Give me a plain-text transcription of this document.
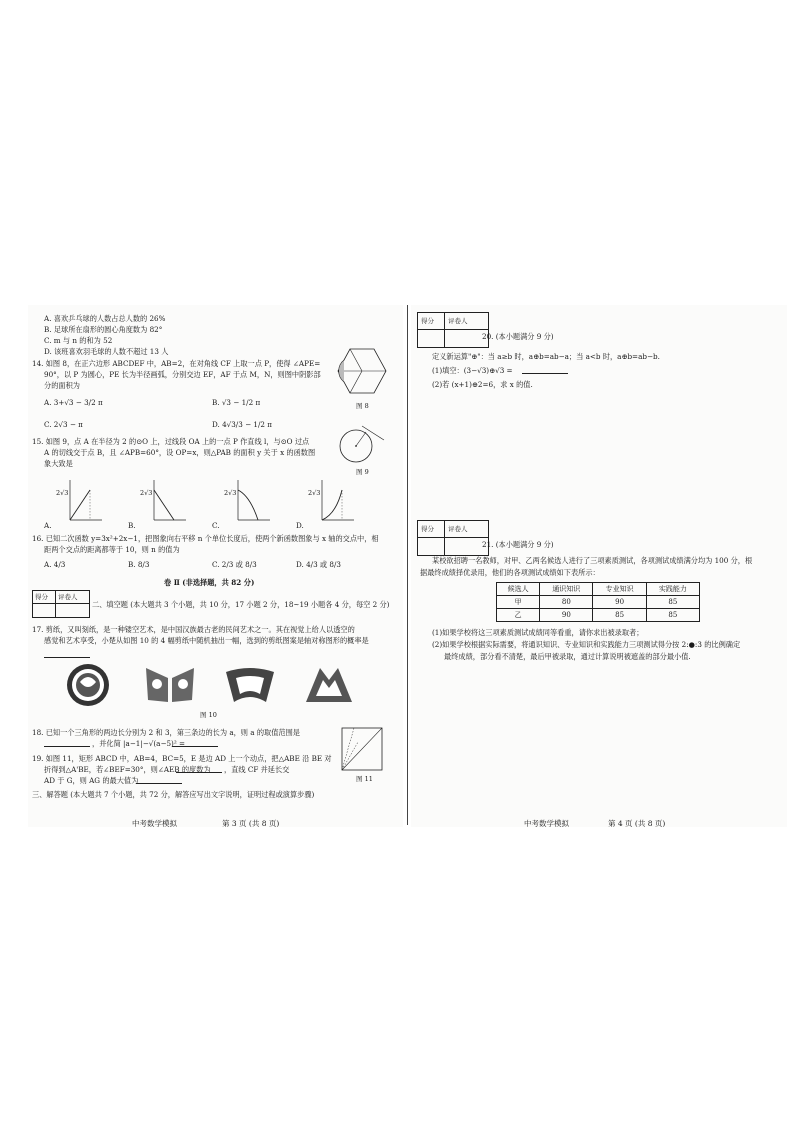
A. 喜欢乒乓球的人数占总人数的 26%
B. 足球所在扇形的圆心角度数为 82°
C. m 与 n 的和为 52
D. 该班喜欢羽毛球的人数不超过 13 人
14. 如图 8，在正六边形 ABCDEF 中，AB=2，在对角线 CF 上取一点 P，使得 ∠APE=
90°，以 P 为圆心，PE 长为半径画弧，分别交边 EF，AF 于点 M，N，则图中阴影部
分的面积为
A. 3+√3 − 3/2 π	B. √3 − 1/2 π
C. 2√3 − π	D. 4√3/3 − 1/2 π
图 8
15. 如图 9，点 A 在半径为 2 的⊙O 上，过线段 OA 上的一点 P 作直线 l，与⊙O 过点
A 的切线交于点 B，且 ∠APB=60°，设 OP=x，则△PAB 的面积 y 关于 x 的函数图
象大致是
图 9
2√3	2√3	2√3	2√3
A.	B.	C.	D.
16. 已知二次函数 y=3x²+2x−1，把图象向右平移 n 个单位长度后，使两个新函数图象与 x 轴的交点中，相
距两个交点的距离都等于 10，则 n 的值为
A. 4/3	B. 8/3	C. 2/3 或 8/3	D. 4/3 或 8/3
卷 Ⅱ (非选择题，共 82 分)
得分 评卷人
二、填空题 (本大题共 3 个小题，共 10 分，17 小题 2 分，18~19 小题各 4 分，每空 2 分)
17. 剪纸，又叫刻纸，是一种镂空艺术，是中国汉族最古老的民间艺术之一。其在视觉上给人以透空的
感觉和艺术享受，小楚从如图 10 的 4 幅剪纸中随机抽出一幅，选到的剪纸图案是轴对称图形的概率是
图 10
18. 已知一个三角形的两边长分别为 2 和 3，第三条边的长为 a，则 a 的取值范围是
，并化简 |a−1|−√(a−5)² =
19. 如图 11，矩形 ABCD 中，AB=4，BC=5，E 是边 AD 上一个动点，把△ABE 沿 BE 对
折得到△A'BE，若∠BEF=30°，则∠AEB 的度数为 ，直线 CF 并延长交
AD 于 G，则 AG 的最大值为	图 11
三、解答题 (本大题共 7 个小题，共 72 分，解答应写出文字说明，证明过程或演算步骤)
中考数学模拟	第 3 页 (共 8 页)
得分 评卷人
20. (本小题满分 9 分)
定义新运算"⊕"：当 a≥b 时，a⊕b=ab−a；当 a<b 时，a⊕b=ab−b.
(1)填空：(3−√3)⊕√3 =
(2)若 (x+1)⊕2=6，求 x 的值.
得分 评卷人
21. (本小题满分 9 分)
某校欲招聘一名教师，对甲、乙两名候选人进行了三项素质测试，各项测试成绩满分均为 100 分，根
据最终成绩择优录用，他们的各项测试成绩如下表所示：
候选人	通识知识	专业知识	实践能力
甲	80	90	85
乙	90	85	85
(1)如果学校将这三项素质测试成绩同等看重，请你求出被录取者；
(2)如果学校根据实际需要，将通识知识、专业知识和实践能力三项测试得分按 2:●:3 的比例确定
最终成绩，部分看不清楚，最后甲被录取，通过计算说明被遮盖的部分最小值.
中考数学模拟	第 4 页 (共 8 页)
